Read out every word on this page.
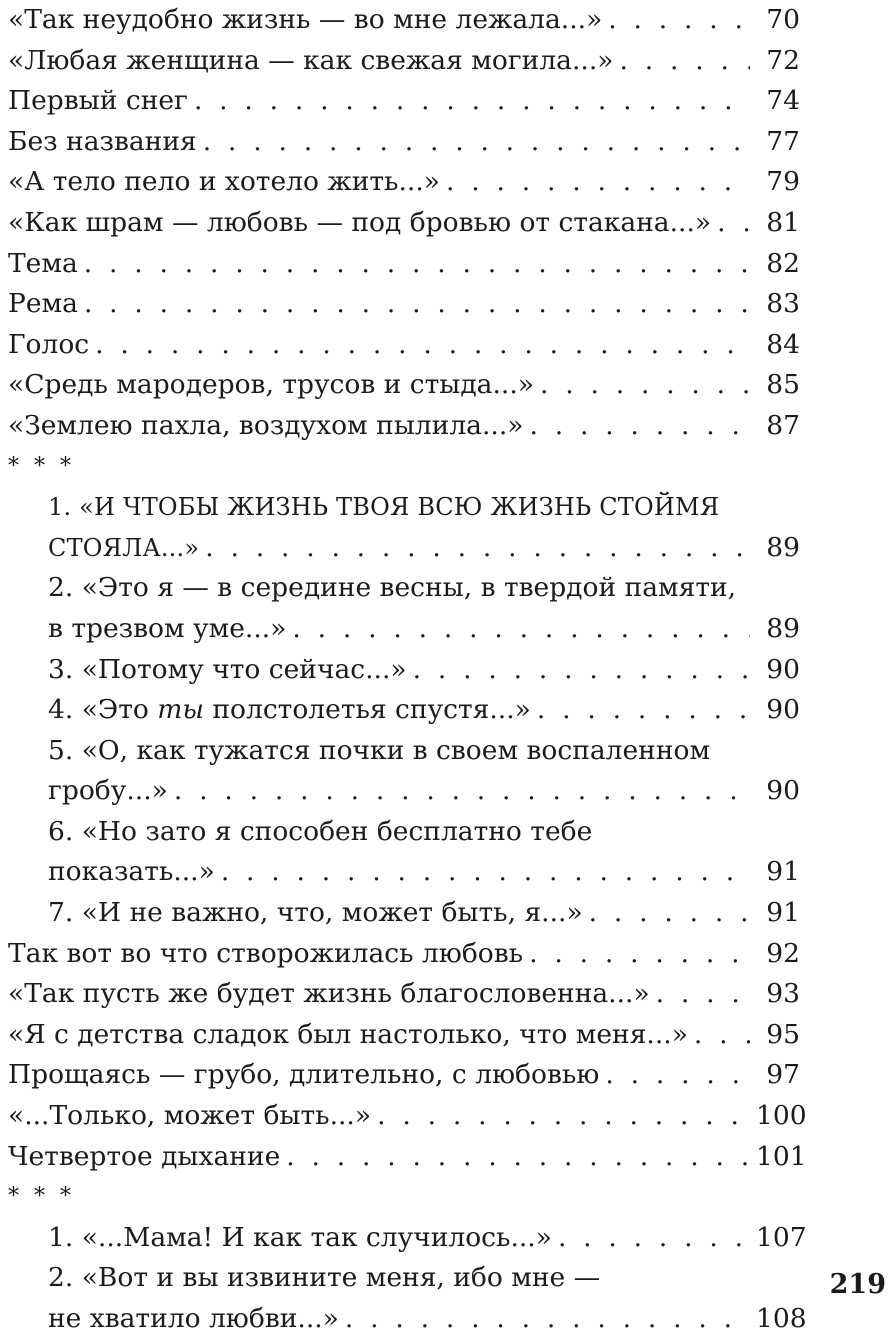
«Так неудобно жизнь — во мне лежала...» . . .	70
«Любая женщина — как свежая могила...» . . .	72
Первый снег . . .	74
Без названия . . .	77
«А тело пело и хотело жить...» . . .	79
«Как шрам — любовь — под бровью от стакана...» . . .	81
Тема . . .	82
Рема . . .	83
Голос . . .	84
«Средь мародеров, трусов и стыда...» . . .	85
«Землею пахла, воздухом пылила...» . . .	87
* * *
1. «И ЧТОБЫ ЖИЗНЬ ТВОЯ ВСЮ ЖИЗНЬ СТОЙМЯ
СТОЯЛА...» . . .	89
2. «Это я — в середине весны, в твердой памяти,
в трезвом уме...» . . .	89
3. «Потому что сейчас...» . . .	90
4. «Это ты полстолетья спустя...» . . .	90
5. «О, как тужатся почки в своем воспаленном
гробу...» . . .	90
6. «Но зато я способен бесплатно тебе
показать...» . . .	91
7. «И не важно, что, может быть, я...» . . .	91
Так вот во что створожилась любовь . . .	92
«Так пусть же будет жизнь благословенна...» . . .	93
«Я с детства сладок был настолько, что меня...» . . .	95
Прощаясь — грубо, длительно, с любовью . . .	97
«...Только, может быть...» . . .	100
Четвертое дыхание . . .	101
* * *
1. «...Мама! И как так случилось...» . . .	107
2. «Вот и вы извините меня, ибо мне —
не хватило любви...» . . .	108
219
